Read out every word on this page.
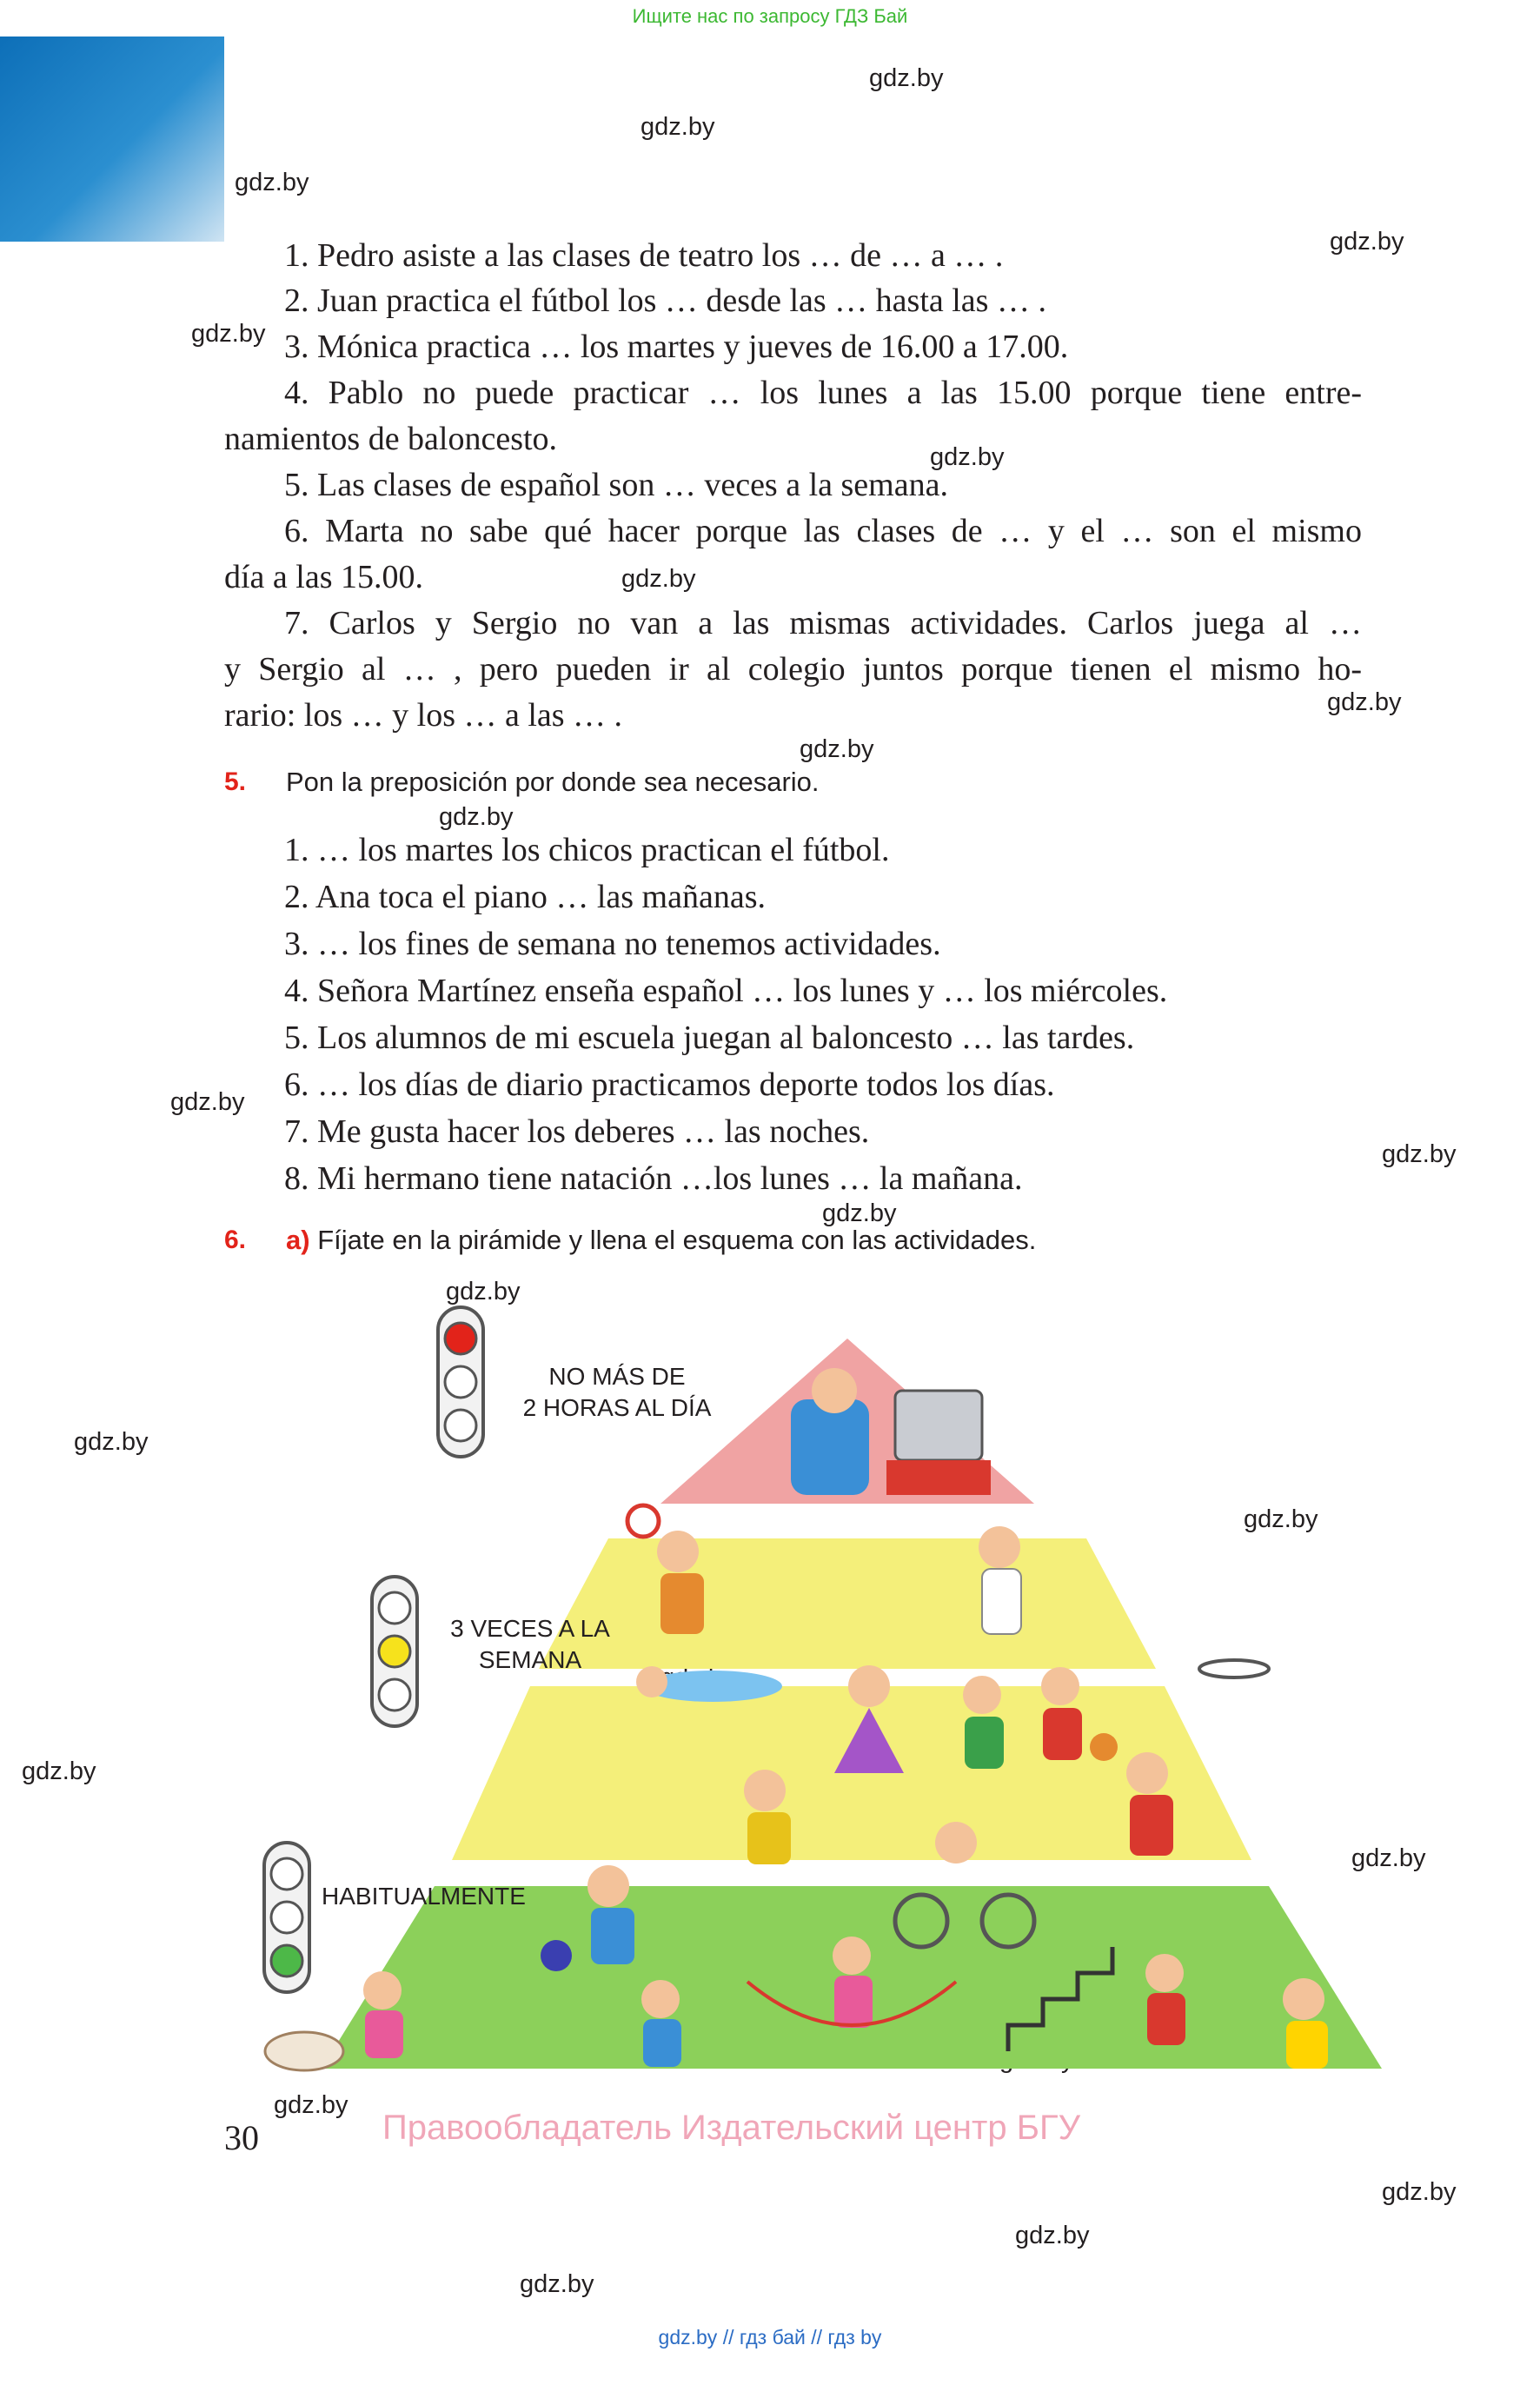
Ищите нас по запросу ГДЗ Бай
gdz.by
gdz.by
gdz.by
gdz.by
gdz.by
gdz.by
gdz.by
gdz.by
gdz.by
gdz.by
gdz.by
gdz.by
gdz.by
gdz.by
gdz.by
gdz.by
gdz.by
gdz.by
gdz.by
gdz.by
gdz.by
gdz.by
1. Pedro asiste a las clases de teatro los … de … a … .
2. Juan practica el fútbol los … desde las … hasta las … .
3. Mónica practica … los martes y jueves de 16.00 a 17.00.
4. Pablo no puede practicar … los lunes a las 15.00 porque tiene entre-
namientos de baloncesto.
5. Las clases de español son … veces a la semana.
6. Marta no sabe qué hacer porque las clases de … y el … son el mismo
día a las 15.00.
7. Carlos y Sergio no van a las mismas actividades. Carlos juega al …
y Sergio al … , pero pueden ir al colegio juntos porque tienen el mismo ho-
rario: los … y los … a las … .
5. Pon la preposición por donde sea necesario.
1. … los martes los chicos practican el fútbol.
2. Ana toca el piano … las mañanas.
3. … los fines de semana no tenemos actividades.
4. Señora Martínez enseña español … los lunes y … los miércoles.
5. Los alumnos de mi escuela juegan al baloncesto … las tardes.
6. … los días de diario practicamos deporte todos los días.
7. Me gusta hacer los deberes … las noches.
8. Mi hermano tiene natación …los lunes … la mañana.
6. a) Fíjate en la pirámide y llena el esquema con las actividades.
NO MÁS DE
2 HORAS AL DÍA
3 VECES A LA
SEMANA
HABITUALMENTE
30	Правообладатель Издательский центр БГУ
gdz.by // гдз бай // гдз by
